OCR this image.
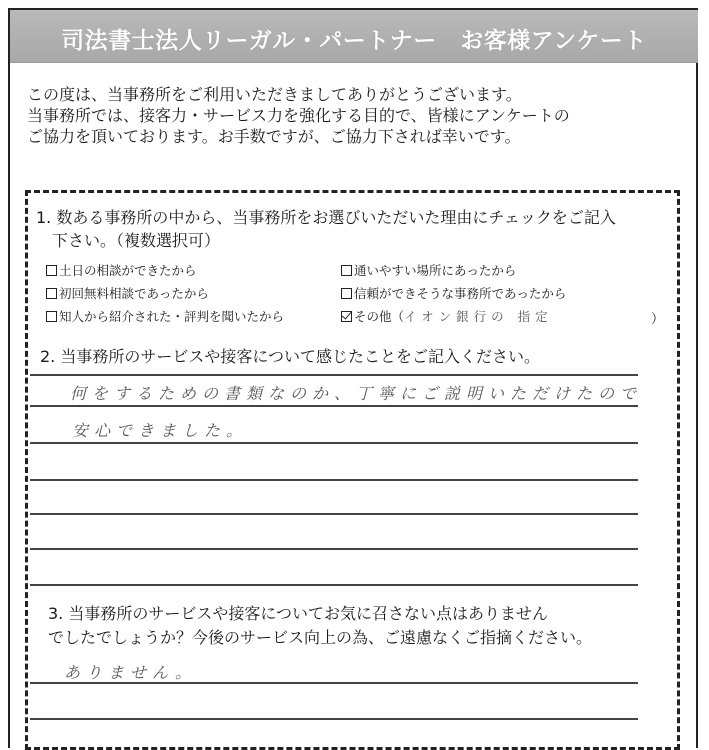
司法書士法人リーガル・パートナー　お客様アンケート
この度は、当事務所をご利用いただきましてありがとうございます。
当事務所では、接客力・サービス力を強化する目的で、皆様にアンケートの
ご協力を頂いております。お手数ですが、ご協力下されば幸いです。
1. 数ある事務所の中から、当事務所をお選びいただいた理由にチェックをご記入
下さい。（複数選択可）
土日の相談ができたから	通いやすい場所にあったから
初回無料相談であったから	信頼ができそうな事務所であったから
知人から紹介された・評判を聞いたから	その他（イオン銀行の 指定	）
2. 当事務所のサービスや接客について感じたことをご記入ください。
何をするための書類なのか、丁寧にご説明いただけたので
安心できました。
3. 当事務所のサービスや接客についてお気に召さない点はありません
でしたでしょうか？今後のサービス向上の為、ご遠慮なくご指摘ください。
ありません。
